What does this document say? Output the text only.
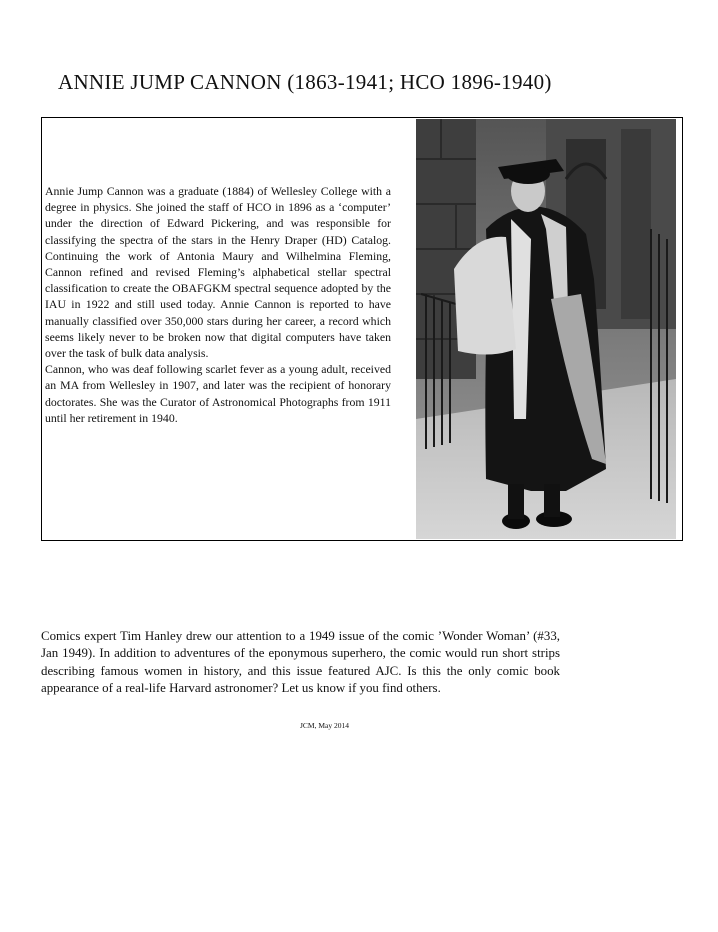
ANNIE JUMP CANNON (1863-1941; HCO 1896-1940)

Annie Jump Cannon was a graduate (1884) of Wellesley College with a degree in physics. She joined the staff of HCO in 1896 as a ‘computer’ under the direction of Edward Pickering, and was responsible for classifying the spectra of the stars in the Henry Draper (HD) Catalog. Continuing the work of Antonia Maury and Wilhelmina Fleming, Cannon refined and revised Fleming’s alphabetical stellar spectral classification to create the OBAFGKM spectral sequence adopted by the IAU in 1922 and still used today. Annie Cannon is reported to have manually classified over 350,000 stars during her career, a record which seems likely never to be broken now that digital computers have taken over the task of bulk data analysis.

Cannon, who was deaf following scarlet fever as a young adult, received an MA from Wellesley in 1907, and later was the recipient of honorary doctorates. She was the Curator of Astronomical Photographs from 1911 until her retirement in 1940.

Comics expert Tim Hanley drew our attention to a 1949 issue of the comic ’Wonder Woman’ (#33, Jan 1949). In addition to adventures of the eponymous superhero, the comic would run short strips describing famous women in history, and this issue featured AJC. Is this the only comic book appearance of a real-life Harvard astronomer? Let us know if you find others.
JCM, May 2014
